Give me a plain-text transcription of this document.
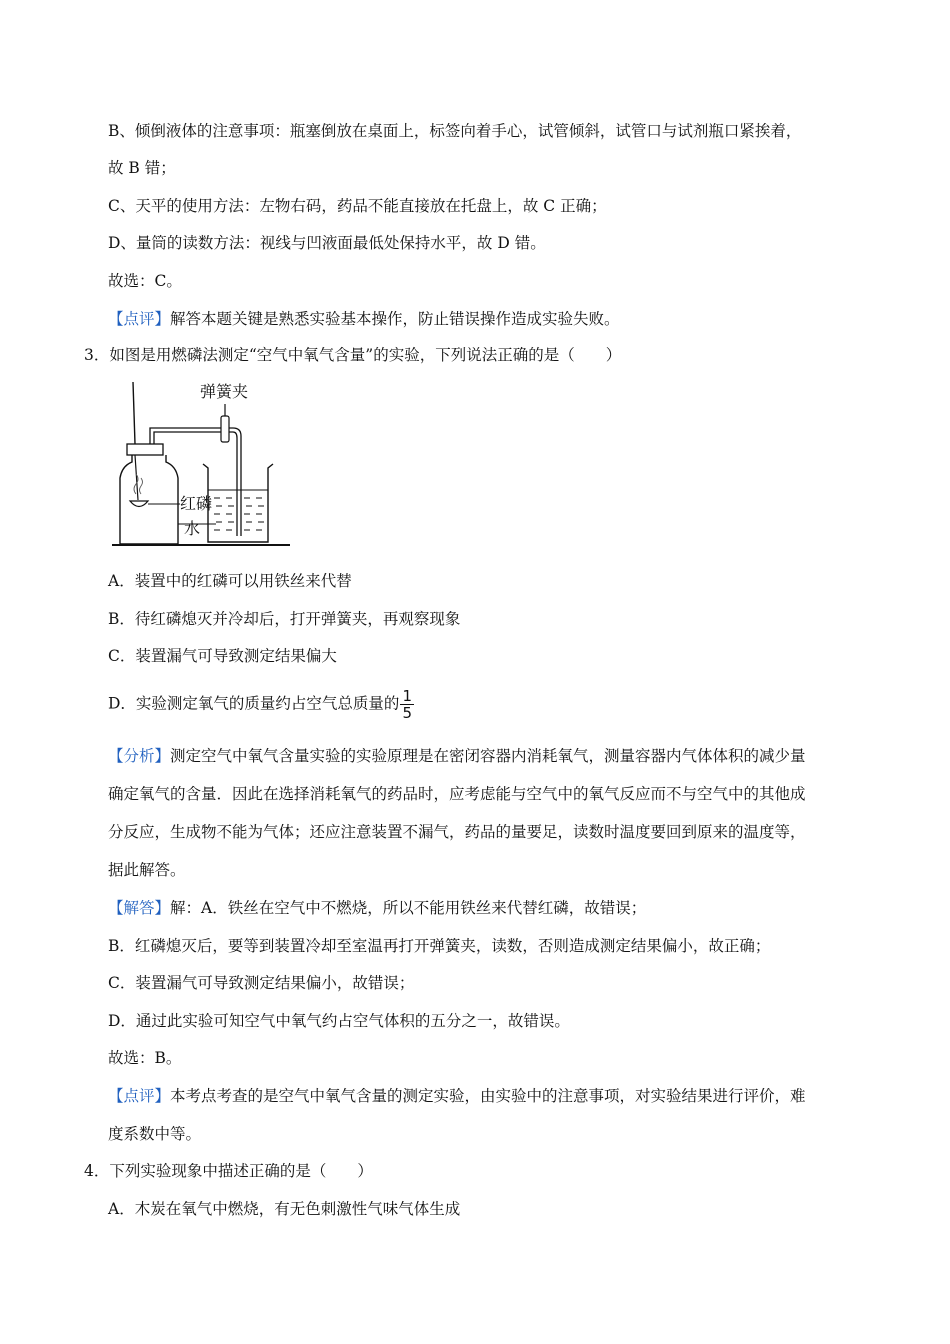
B、倾倒液体的注意事项：瓶塞倒放在桌面上，标签向着手心，试管倾斜，试管口与试剂瓶口紧挨着，
故 B 错；
C、天平的使用方法：左物右码，药品不能直接放在托盘上，故 C 正确；
D、量筒的读数方法：视线与凹液面最低处保持水平，故 D 错。
故选：C。
【点评】解答本题关键是熟悉实验基本操作，防止错误操作造成实验失败。
3．如图是用燃磷法测定“空气中氧气含量”的实验，下列说法正确的是（　　）
弹簧夹
红磷
水
A．装置中的红磷可以用铁丝来代替
B．待红磷熄灭并冷却后，打开弹簧夹，再观察现象
C．装置漏气可导致测定结果偏大
D．实验测定氧气的质量约占空气总质量的 $\frac{1}{5}$
【分析】测定空气中氧气含量实验的实验原理是在密闭容器内消耗氧气，测量容器内气体体积的减少量
确定氧气的含量．因此在选择消耗氧气的药品时，应考虑能与空气中的氧气反应而不与空气中的其他成
分反应，生成物不能为气体；还应注意装置不漏气，药品的量要足，读数时温度要回到原来的温度等，
据此解答。
【解答】解：A．铁丝在空气中不燃烧，所以不能用铁丝来代替红磷，故错误；
B．红磷熄灭后，要等到装置冷却至室温再打开弹簧夹，读数，否则造成测定结果偏小，故正确；
C．装置漏气可导致测定结果偏小，故错误；
D．通过此实验可知空气中氧气约占空气体积的五分之一，故错误。
故选：B。
【点评】本考点考查的是空气中氧气含量的测定实验，由实验中的注意事项，对实验结果进行评价，难
度系数中等。
4．下列实验现象中描述正确的是（　　）
A．木炭在氧气中燃烧，有无色刺激性气味气体生成
